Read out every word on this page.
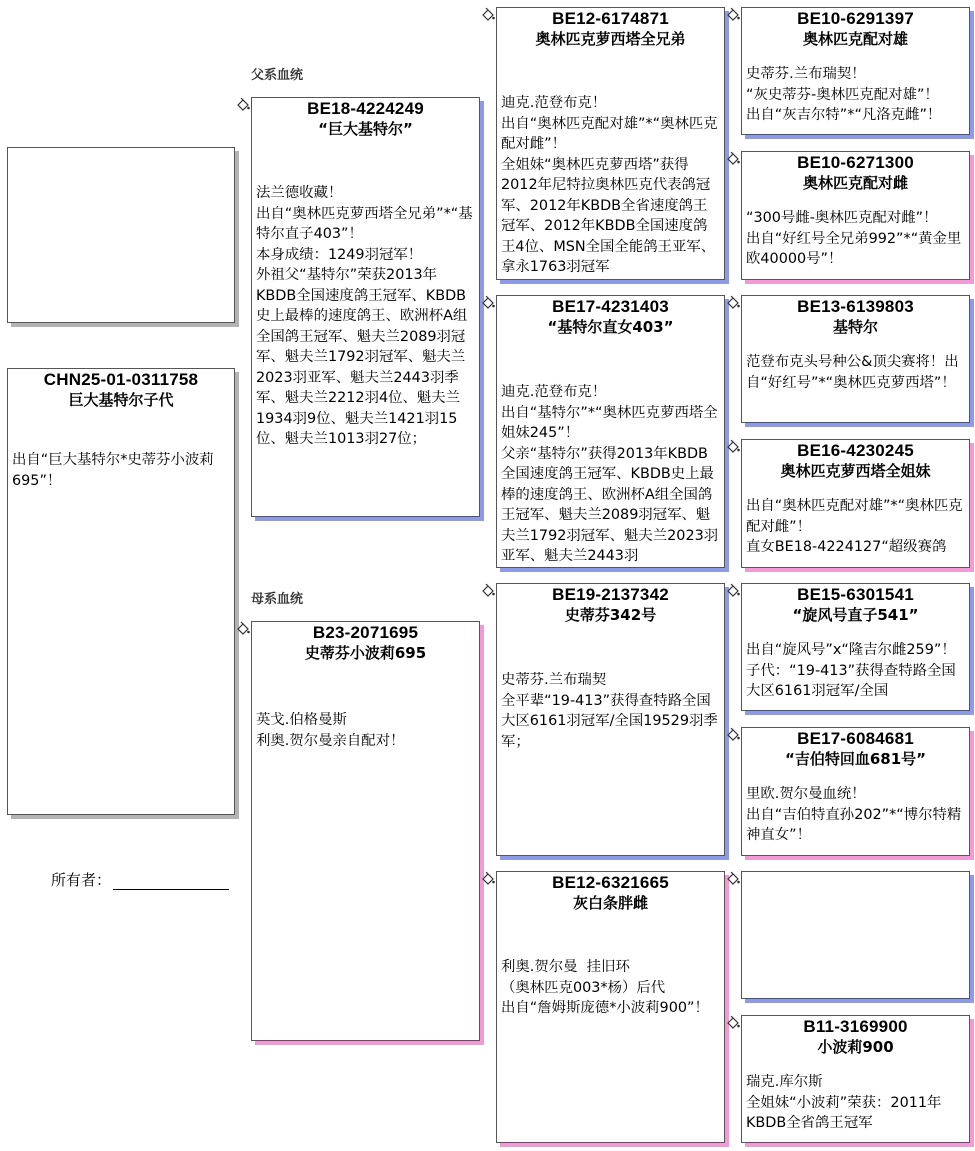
父系血统
母系血统
CHN25-01-0311758
巨大基特尔子代
出自“巨大基特尔*史蒂芬小波莉695”！
所有者：
BE18-4224249
“巨大基特尔”
法兰德收藏！
出自“奥林匹克萝西塔全兄弟”*“基特尔直子403”！
本身成绩：1249羽冠军！
外祖父“基特尔”荣获2013年KBDB全国速度鸽王冠军、KBDB史上最棒的速度鸽王、欧洲杯A组全国鸽王冠军、魁夫兰2089羽冠军、魁夫兰1792羽冠军、魁夫兰2023羽亚军、魁夫兰2443羽季军、魁夫兰2212羽4位、魁夫兰1934羽9位、魁夫兰1421羽15位、魁夫兰1013羽27位；
B23-2071695
史蒂芬小波莉695
英戈.伯格曼斯
利奥.贺尔曼亲自配对！
BE12-6174871
奥林匹克萝西塔全兄弟
迪克.范登布克！
出自“奥林匹克配对雄”*“奥林匹克配对雌”！
全姐妹“奥林匹克萝西塔”获得2012年尼特拉奥林匹克代表鸽冠军、2012年KBDB全省速度鸽王冠军、2012年KBDB全国速度鸽王4位、MSN全国全能鸽王亚军、拿永1763羽冠军
BE17-4231403
“基特尔直女403”
迪克.范登布克！
出自“基特尔”*“奥林匹克萝西塔全姐妹245”！
父亲“基特尔”获得2013年KBDB全国速度鸽王冠军、KBDB史上最棒的速度鸽王、欧洲杯A组全国鸽王冠军、魁夫兰2089羽冠军、魁夫兰1792羽冠军、魁夫兰2023羽亚军、魁夫兰2443羽
BE19-2137342
史蒂芬342号
史蒂芬.兰布瑞契
全平辈“19-413”获得查特路全国大区6161羽冠军/全国19529羽季军；
BE12-6321665
灰白条胖雌
利奥.贺尔曼  挂旧环
（奥林匹克003*杨）后代
出自“詹姆斯庞德*小波莉900”！
BE10-6291397
奥林匹克配对雄
史蒂芬.兰布瑞契！
“灰史蒂芬-奥林匹克配对雄”！
出自“灰吉尔特”*“凡洛克雌”！
BE10-6271300
奥林匹克配对雌
“300号雌-奥林匹克配对雌”！
出自“好红号全兄弟992”*“黄金里欧40000号”！
BE13-6139803
基特尔
范登布克头号种公&顶尖赛将！出自“好红号”*“奥林匹克萝西塔”！
BE16-4230245
奥林匹克萝西塔全姐妹
出自“奥林匹克配对雄”*“奥林匹克配对雌”！
直女BE18-4224127“超级赛鸽
BE15-6301541
“旋风号直子541”
出自“旋风号”x“隆吉尔雌259”！  子代：“19-413”获得查特路全国大区6161羽冠军/全国
BE17-6084681
“吉伯特回血681号”
里欧.贺尔曼血统！
出自“吉伯特直孙202”*“博尔特精神直女”！
B11-3169900
小波莉900
瑞克.库尔斯
全姐妹“小波莉”荣获：2011年KBDB全省鸽王冠军
